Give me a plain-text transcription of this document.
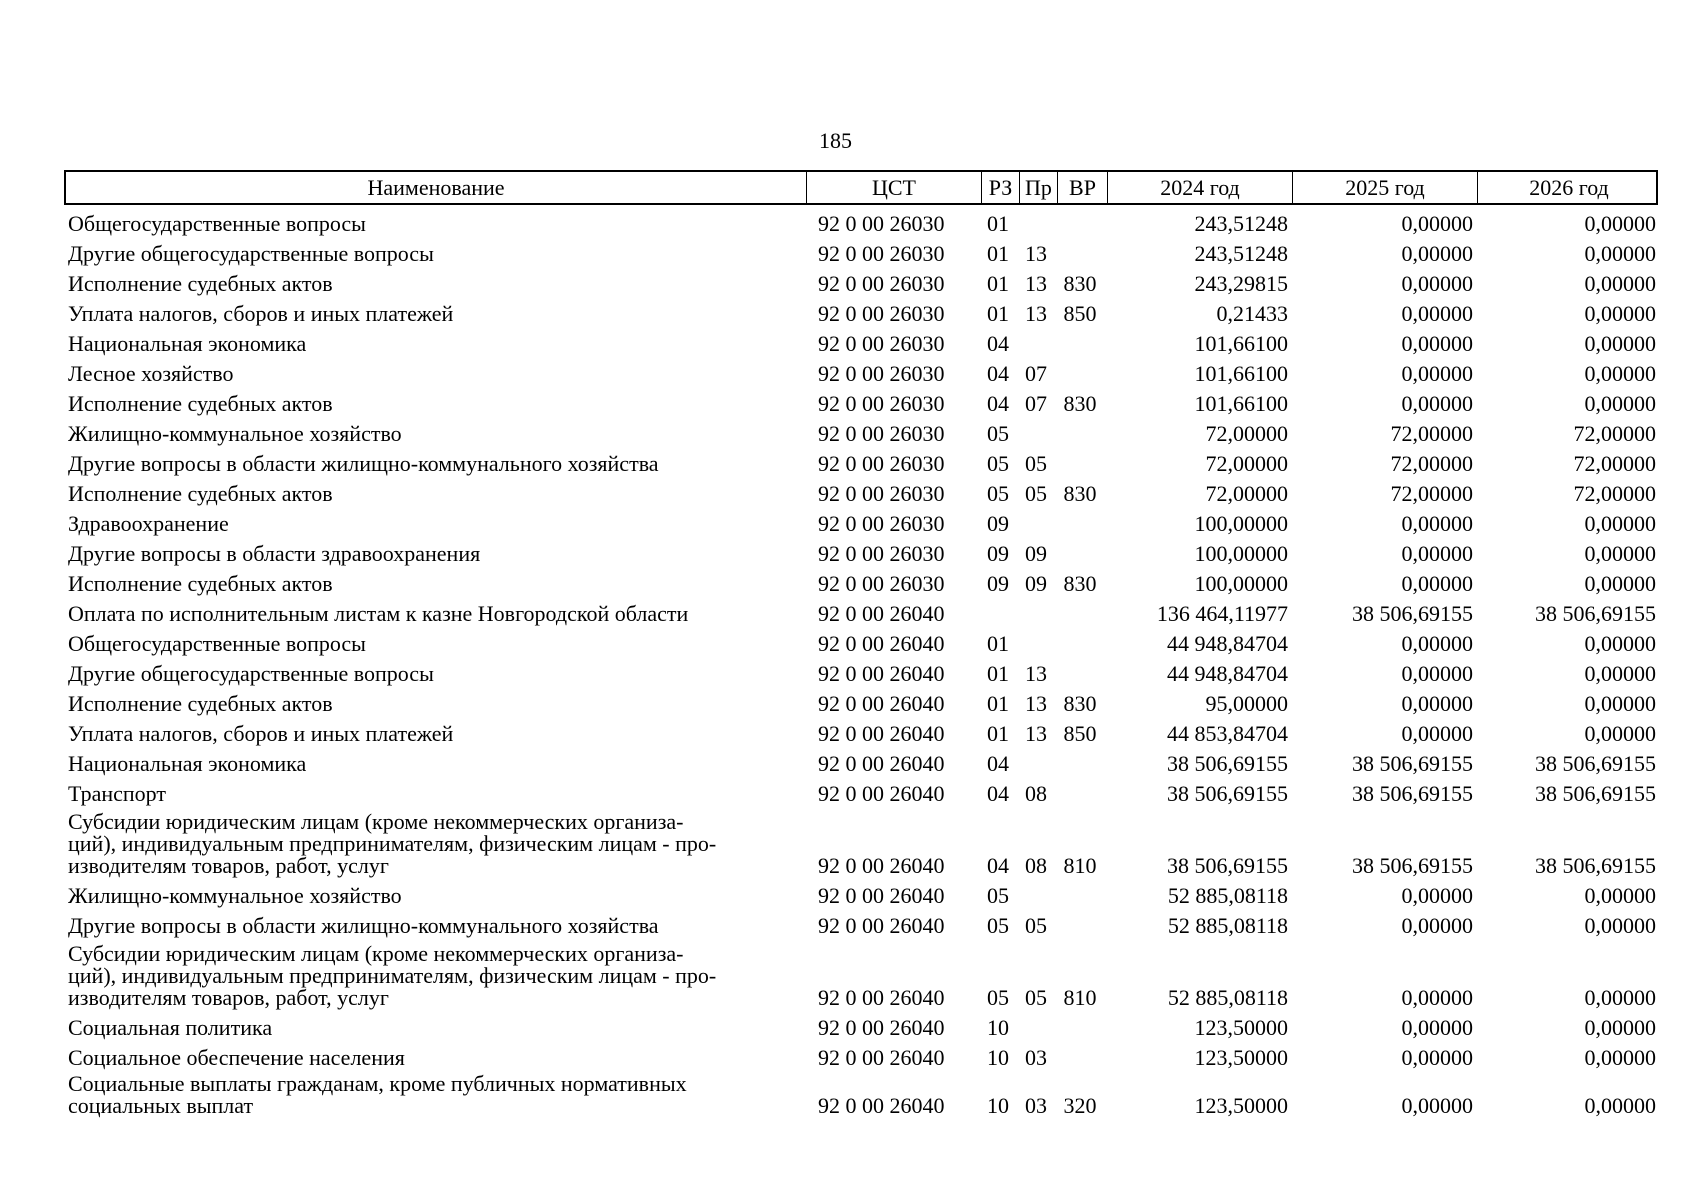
185
Наименование	ЦСТ	РЗ Пр ВР	2024 год	2025 год	2026 год
Общегосударственные вопросы	92 0 00 26030	01	243,51248	0,00000	0,00000
Другие общегосударственные вопросы	92 0 00 26030	01 13	243,51248	0,00000	0,00000
Исполнение судебных актов	92 0 00 26030	01 13 830	243,29815	0,00000	0,00000
Уплата налогов, сборов и иных платежей	92 0 00 26030	01 13 850	0,21433	0,00000	0,00000
Национальная экономика	92 0 00 26030	04	101,66100	0,00000	0,00000
Лесное хозяйство	92 0 00 26030	04 07	101,66100	0,00000	0,00000
Исполнение судебных актов	92 0 00 26030	04 07 830	101,66100	0,00000	0,00000
Жилищно-коммунальное хозяйство	92 0 00 26030	05	72,00000	72,00000	72,00000
Другие вопросы в области жилищно-коммунального хозяйства	92 0 00 26030	05 05	72,00000	72,00000	72,00000
Исполнение судебных актов	92 0 00 26030	05 05 830	72,00000	72,00000	72,00000
Здравоохранение	92 0 00 26030	09	100,00000	0,00000	0,00000
Другие вопросы в области здравоохранения	92 0 00 26030	09 09	100,00000	0,00000	0,00000
Исполнение судебных актов	92 0 00 26030	09 09 830	100,00000	0,00000	0,00000
Оплата по исполнительным листам к казне Новгородской области	92 0 00 26040	136 464,11977	38 506,69155	38 506,69155
Общегосударственные вопросы	92 0 00 26040	01	44 948,84704	0,00000	0,00000
Другие общегосударственные вопросы	92 0 00 26040	01 13	44 948,84704	0,00000	0,00000
Исполнение судебных актов	92 0 00 26040	01 13 830	95,00000	0,00000	0,00000
Уплата налогов, сборов и иных платежей	92 0 00 26040	01 13 850	44 853,84704	0,00000	0,00000
Национальная экономика	92 0 00 26040	04	38 506,69155	38 506,69155	38 506,69155
Транспорт	92 0 00 26040	04 08	38 506,69155	38 506,69155	38 506,69155
Субсидии юридическим лицам (кроме некоммерческих организа-
ций), индивидуальным предпринимателям, физическим лицам - про-
изводителям товаров, работ, услуг	92 0 00 26040	04 08 810	38 506,69155	38 506,69155	38 506,69155
Жилищно-коммунальное хозяйство	92 0 00 26040	05	52 885,08118	0,00000	0,00000
Другие вопросы в области жилищно-коммунального хозяйства	92 0 00 26040	05 05	52 885,08118	0,00000	0,00000
Субсидии юридическим лицам (кроме некоммерческих организа-
ций), индивидуальным предпринимателям, физическим лицам - про-
изводителям товаров, работ, услуг	92 0 00 26040	05 05 810	52 885,08118	0,00000	0,00000
Социальная политика	92 0 00 26040	10	123,50000	0,00000	0,00000
Социальное обеспечение населения	92 0 00 26040	10 03	123,50000	0,00000	0,00000
Социальные выплаты гражданам, кроме публичных нормативных
социальных выплат	92 0 00 26040	10 03 320	123,50000	0,00000	0,00000
